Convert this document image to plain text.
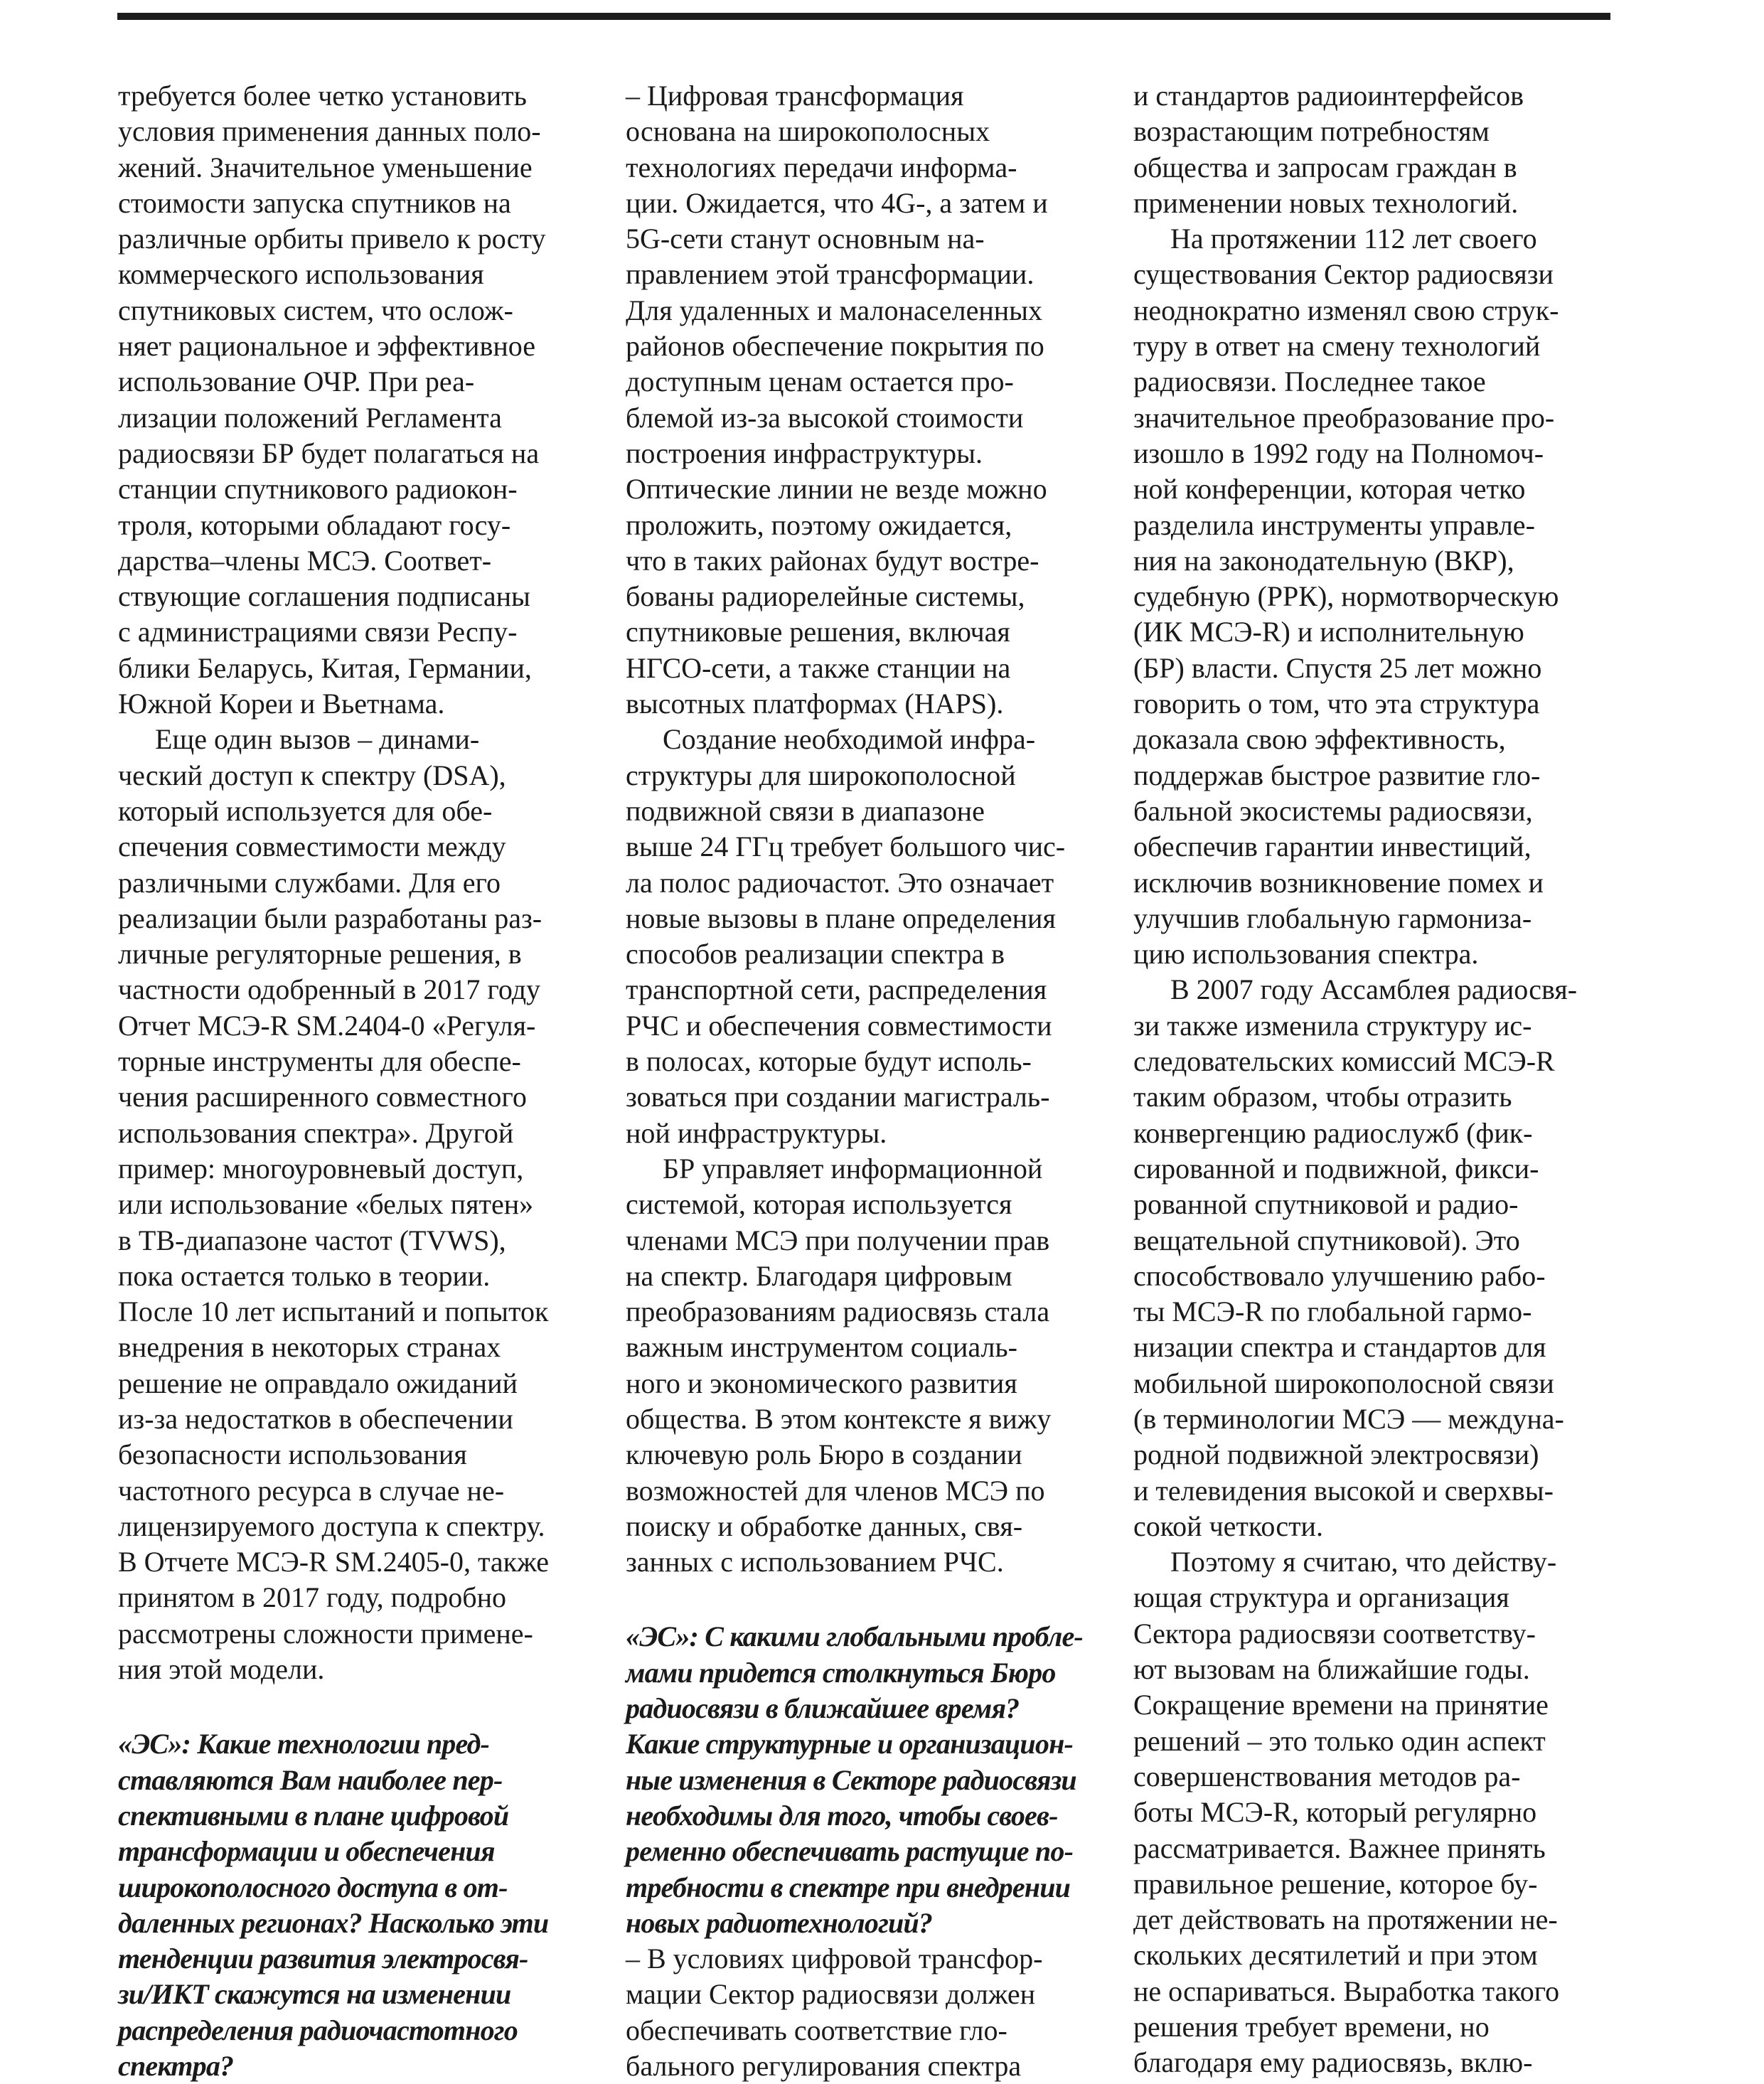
требуется более четко установить
условия применения данных поло-
жений. Значительное уменьшение
стоимости запуска спутников на
различные орбиты привело к росту
коммерческого использования
спутниковых систем, что ослож-
няет рациональное и эффективное
использование ОЧР. При реа-
лизации положений Регламента
радиосвязи БР будет полагаться на
станции спутникового радиокон-
троля, которыми обладают госу-
дарства–члены МСЭ. Соответ-
ствующие соглашения подписаны
с администрациями связи Респу-
блики Беларусь, Китая, Германии,
Южной Кореи и Вьетнама.
Еще один вызов – динами-
ческий доступ к спектру (DSA),
который используется для обе-
спечения совместимости между
различными службами. Для его
реализации были разработаны раз-
личные регуляторные решения, в
частности одобренный в 2017 году
Отчет МСЭ-R SM.2404-0 «Регуля-
торные инструменты для обеспе-
чения расширенного совместного
использования спектра». Другой
пример: многоуровневый доступ,
или использование «белых пятен»
в ТВ-диапазоне частот (TVWS),
пока остается только в теории.
После 10 лет испытаний и попыток
внедрения в некоторых странах
решение не оправдало ожиданий
из-за недостатков в обеспечении
безопасности использования
частотного ресурса в случае не-
лицензируемого доступа к спектру.
В Отчете МСЭ-R SM.2405-0, также
принятом в 2017 году, подробно
рассмотрены сложности примене-
ния этой модели.
«ЭС»: Какие технологии пред-
ставляются Вам наиболее пер-
спективными в плане цифровой
трансформации и обеспечения
широкополосного доступа в от-
даленных регионах? Насколько эти
тенденции развития электросвя-
зи/ИКТ скажутся на изменении
распределения радиочастотного
спектра?
– Цифровая трансформация
основана на широкополосных
технологиях передачи информа-
ции. Ожидается, что 4G-, а затем и
5G-сети станут основным на-
правлением этой трансформации.
Для удаленных и малонаселенных
районов обеспечение покрытия по
доступным ценам остается про-
блемой из-за высокой стоимости
построения инфраструктуры.
Оптические линии не везде можно
проложить, поэтому ожидается,
что в таких районах будут востре-
бованы радиорелейные системы,
спутниковые решения, включая
НГСО-сети, а также станции на
высотных платформах (HAPS).
Создание необходимой инфра-
структуры для широкополосной
подвижной связи в диапазоне
выше 24 ГГц требует большого чис-
ла полос радиочастот. Это означает
новые вызовы в плане определения
способов реализации спектра в
транспортной сети, распределения
РЧС и обеспечения совместимости
в полосах, которые будут исполь-
зоваться при создании магистраль-
ной инфраструктуры.
БР управляет информационной
системой, которая используется
членами МСЭ при получении прав
на спектр. Благодаря цифровым
преобразованиям радиосвязь стала
важным инструментом социаль-
ного и экономического развития
общества. В этом контексте я вижу
ключевую роль Бюро в создании
возможностей для членов МСЭ по
поиску и обработке данных, свя-
занных с использованием РЧС.
«ЭС»: С какими глобальными пробле-
мами придется столкнуться Бюро
радиосвязи в ближайшее время?
Какие структурные и организацион-
ные изменения в Секторе радиосвязи
необходимы для того, чтобы своев-
ременно обеспечивать растущие по-
требности в спектре при внедрении
новых радиотехнологий?
– В условиях цифровой трансфор-
мации Сектор радиосвязи должен
обеспечивать соответствие гло-
бального регулирования спектра
и стандартов радиоинтерфейсов
возрастающим потребностям
общества и запросам граждан в
применении новых технологий.
На протяжении 112 лет своего
существования Сектор радиосвязи
неоднократно изменял свою струк-
туру в ответ на смену технологий
радиосвязи. Последнее такое
значительное преобразование про-
изошло в 1992 году на Полномоч-
ной конференции, которая четко
разделила инструменты управле-
ния на законодательную (ВКР),
судебную (РРК), нормотворческую
(ИК МСЭ-R) и исполнительную
(БР) власти. Спустя 25 лет можно
говорить о том, что эта структура
доказала свою эффективность,
поддержав быстрое развитие гло-
бальной экосистемы радиосвязи,
обеспечив гарантии инвестиций,
исключив возникновение помех и
улучшив глобальную гармониза-
цию использования спектра.
В 2007 году Ассамблея радиосвя-
зи также изменила структуру ис-
следовательских комиссий МСЭ-R
таким образом, чтобы отразить
конвергенцию радиослужб (фик-
сированной и подвижной, фикси-
рованной спутниковой и радио-
вещательной спутниковой). Это
способствовало улучшению рабо-
ты МСЭ-R по глобальной гармо-
низации спектра и стандартов для
мобильной широкополосной связи
(в терминологии МСЭ — междуна-
родной подвижной электросвязи)
и телевидения высокой и сверхвы-
сокой четкости.
Поэтому я считаю, что действу-
ющая структура и организация
Сектора радиосвязи соответству-
ют вызовам на ближайшие годы.
Сокращение времени на принятие
решений – это только один аспект
совершенствования методов ра-
боты МСЭ-R, который регулярно
рассматривается. Важнее принять
правильное решение, которое бу-
дет действовать на протяжении не-
скольких десятилетий и при этом
не оспариваться. Выработка такого
решения требует времени, но
благодаря ему радиосвязь, вклю-
